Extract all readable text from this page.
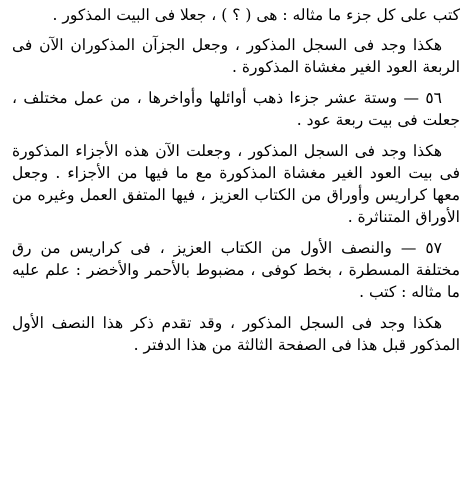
كتب على كل جزء ما مثاله : هى ( ؟ ) ، جعلا فى البيت المذكور .

هكذا وجد فى السجل المذكور ، وجعل الجزآن المذكوران الآن فى الربعة العود الغير مغشاة المذكورة .

٥٦ — وستة عشر جزءا ذهب أوائلها وأواخرها ، من عمل مختلف ، جعلت فى بيت ربعة عود .

هكذا وجد فى السجل المذكور ، وجعلت الآن هذه الأجزاء المذكورة فى بيت العود الغير مغشاة المذكورة مع ما فيها من الأجزاء . وجعل معها كراريس وأوراق من الكتاب العزيز ، فيها المتفق العمل وغيره من الأوراق المتناثرة .

٥٧ — والنصف الأول من الكتاب العزيز ، فى كراريس من رق مختلفة المسطرة ، بخط كوفى ، مضبوط بالأحمر والأخضر : علم عليه ما مثاله : كتب .

هكذا وجد فى السجل المذكور ، وقد تقدم ذكر هذا النصف الأول المذكور قبل هذا فى الصفحة الثالثة من هذا الدفتر .
